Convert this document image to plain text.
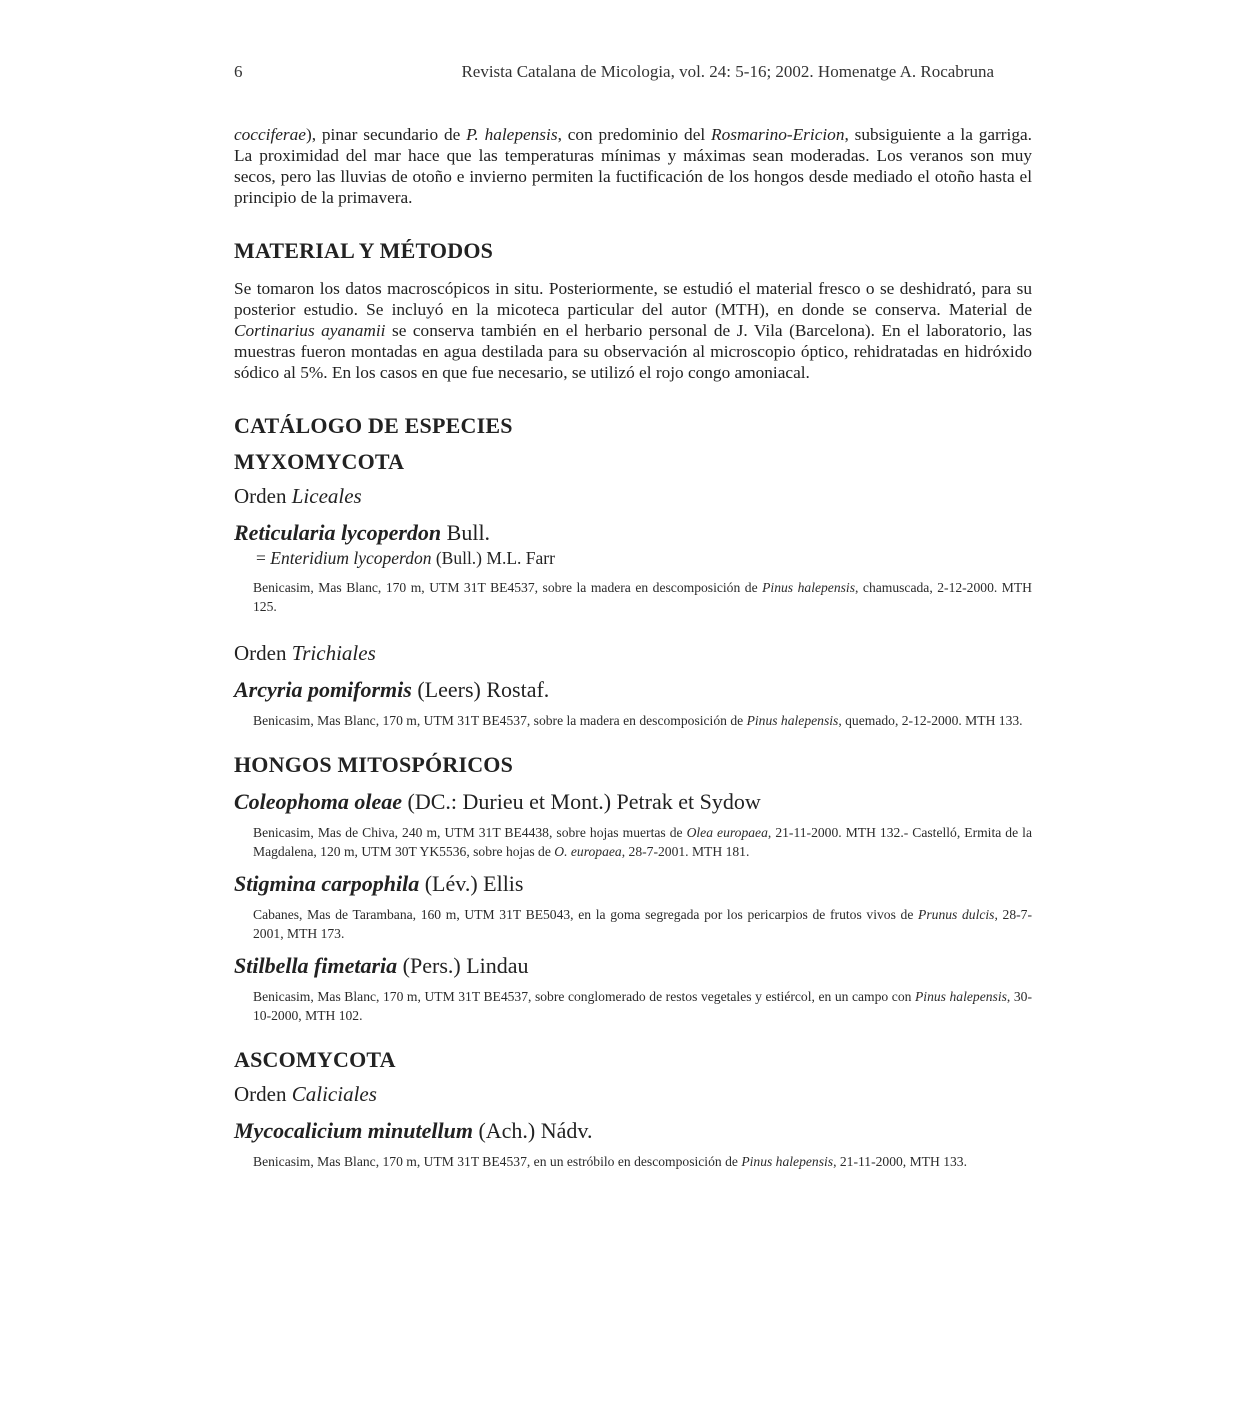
6	Revista Catalana de Micologia, vol. 24: 5-16; 2002. Homenatge A. Rocabruna

cocciferae), pinar secundario de P. halepensis, con predominio del Rosmarino-Ericion, subsiguiente a la garriga. La proximidad del mar hace que las temperaturas mínimas y máximas sean moderadas. Los veranos son muy secos, pero las lluvias de otoño e invierno permiten la fuctificación de los hongos desde mediado el otoño hasta el principio de la primavera.

MATERIAL Y MÉTODOS

Se tomaron los datos macroscópicos in situ. Posteriormente, se estudió el material fresco o se deshidrató, para su posterior estudio. Se incluyó en la micoteca particular del autor (MTH), en donde se conserva. Material de Cortinarius ayanamii se conserva también en el herbario personal de J. Vila (Barcelona). En el laboratorio, las muestras fueron montadas en agua destilada para su observación al microscopio óptico, rehidratadas en hidróxido sódico al 5%. En los casos en que fue necesario, se utilizó el rojo congo amoniacal.

CATÁLOGO DE ESPECIES
MYXOMYCOTA

Orden Liceales

Reticularia lycoperdon Bull.

= Enteridium lycoperdon (Bull.) M.L. Farr

Benicasim, Mas Blanc, 170 m, UTM 31T BE4537, sobre la madera en descomposición de Pinus halepensis, chamuscada, 2-12-2000. MTH 125.

Orden Trichiales

Arcyria pomiformis (Leers) Rostaf.

Benicasim, Mas Blanc, 170 m, UTM 31T BE4537, sobre la madera en descomposición de Pinus halepensis, quemado, 2-12-2000. MTH 133.

HONGOS MITOSPÓRICOS

Coleophoma oleae (DC.: Durieu et Mont.) Petrak et Sydow

Benicasim, Mas de Chiva, 240 m, UTM 31T BE4438, sobre hojas muertas de Olea europaea, 21-11-2000. MTH 132.- Castelló, Ermita de la Magdalena, 120 m, UTM 30T YK5536, sobre hojas de O. europaea, 28-7-2001. MTH 181.

Stigmina carpophila (Lév.) Ellis

Cabanes, Mas de Tarambana, 160 m, UTM 31T BE5043, en la goma segregada por los pericarpios de frutos vivos de Prunus dulcis, 28-7-2001, MTH 173.

Stilbella fimetaria (Pers.) Lindau

Benicasim, Mas Blanc, 170 m, UTM 31T BE4537, sobre conglomerado de restos vegetales y estiércol, en un campo con Pinus halepensis, 30-10-2000, MTH 102.

ASCOMYCOTA

Orden Caliciales

Mycocalicium minutellum (Ach.) Nádv.

Benicasim, Mas Blanc, 170 m, UTM 31T BE4537, en un estróbilo en descomposición de Pinus halepensis, 21-11-2000, MTH 133.
